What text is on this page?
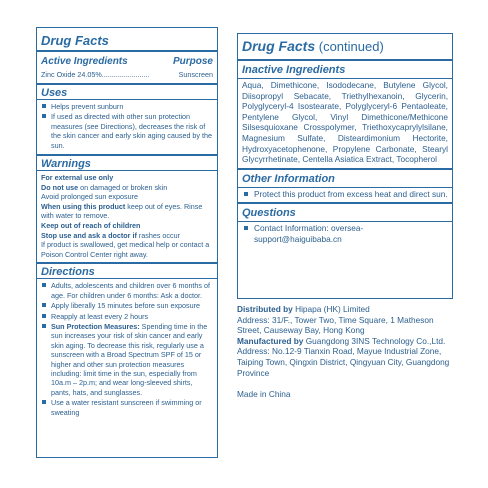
Drug Facts
Active Ingredients	Purpose
Zinc Oxide 24.05% ........................	Sunscreen
Uses
Helps prevent sunburn
If used as directed with other sun protection measures (see Directions), decreases the risk of the skin cancer and early skin aging caused by the sun.
Warnings
For external use only
Do not use on damaged or broken skin
Avoid prolonged sun exposure
When using this product keep out of eyes. Rinse with water to remove.
Keep out of reach of children
Stop use and ask a doctor if rashes occur
If product is swallowed, get medical help or contact a Poison Control Center right away.
Directions
Adults, adolescents and children over 6 months of age. For children under 6 months: Ask a doctor.
Apply liberally 15 minutes before sun exposure
Reapply at least every 2 hours
Sun Protection Measures: Spending time in the sun increases your risk of skin cancer and early skin aging. To decrease this risk, regularly use a sunscreen with a Broad Spectrum SPF of 15 or higher and other sun protection measures including: limit time in the sun, especially from 10a.m – 2p.m; and wear long-sleeved shirts, pants, hats, and sunglasses.
Use a water resistant sunscreen if swimming or sweating
Drug Facts (continued)
Inactive Ingredients
Aqua, Dimethicone, Isododecane, Butylene Glycol, Diisopropyl Sebacate, Triethylhexanoin, Glycerin, Polyglyceryl-4 Isostearate, Polyglyceryl-6 Pentaoleate, Pentylene Glycol, Vinyl Dimethicone/Methicone Silsesquioxane Crosspolymer, Triethoxycaprylylsilane, Magnesium Sulfate, Disteardimonium Hectorite, Hydroxyacetophenone, Propylene Carbonate, Stearyl Glycyrrhetinate, Centella Asiatica Extract, Tocopherol
Other Information
Protect this product from excess heat and direct sun.
Questions
Contact Information: oversea-support@haiguibaba.cn

Distributed by Hipapa (HK) Limited

Address: 31/F., Tower Two, Time Square, 1 Matheson Street, Causeway Bay, Hong Kong

Manufactured by Guangdong 3INS Technology Co.,Ltd.

Address: No.12-9 Tianxin Road, Mayue Industrial Zone, Taiping Town, Qingxin District, Qingyuan City, Guangdong Province

Made in China
